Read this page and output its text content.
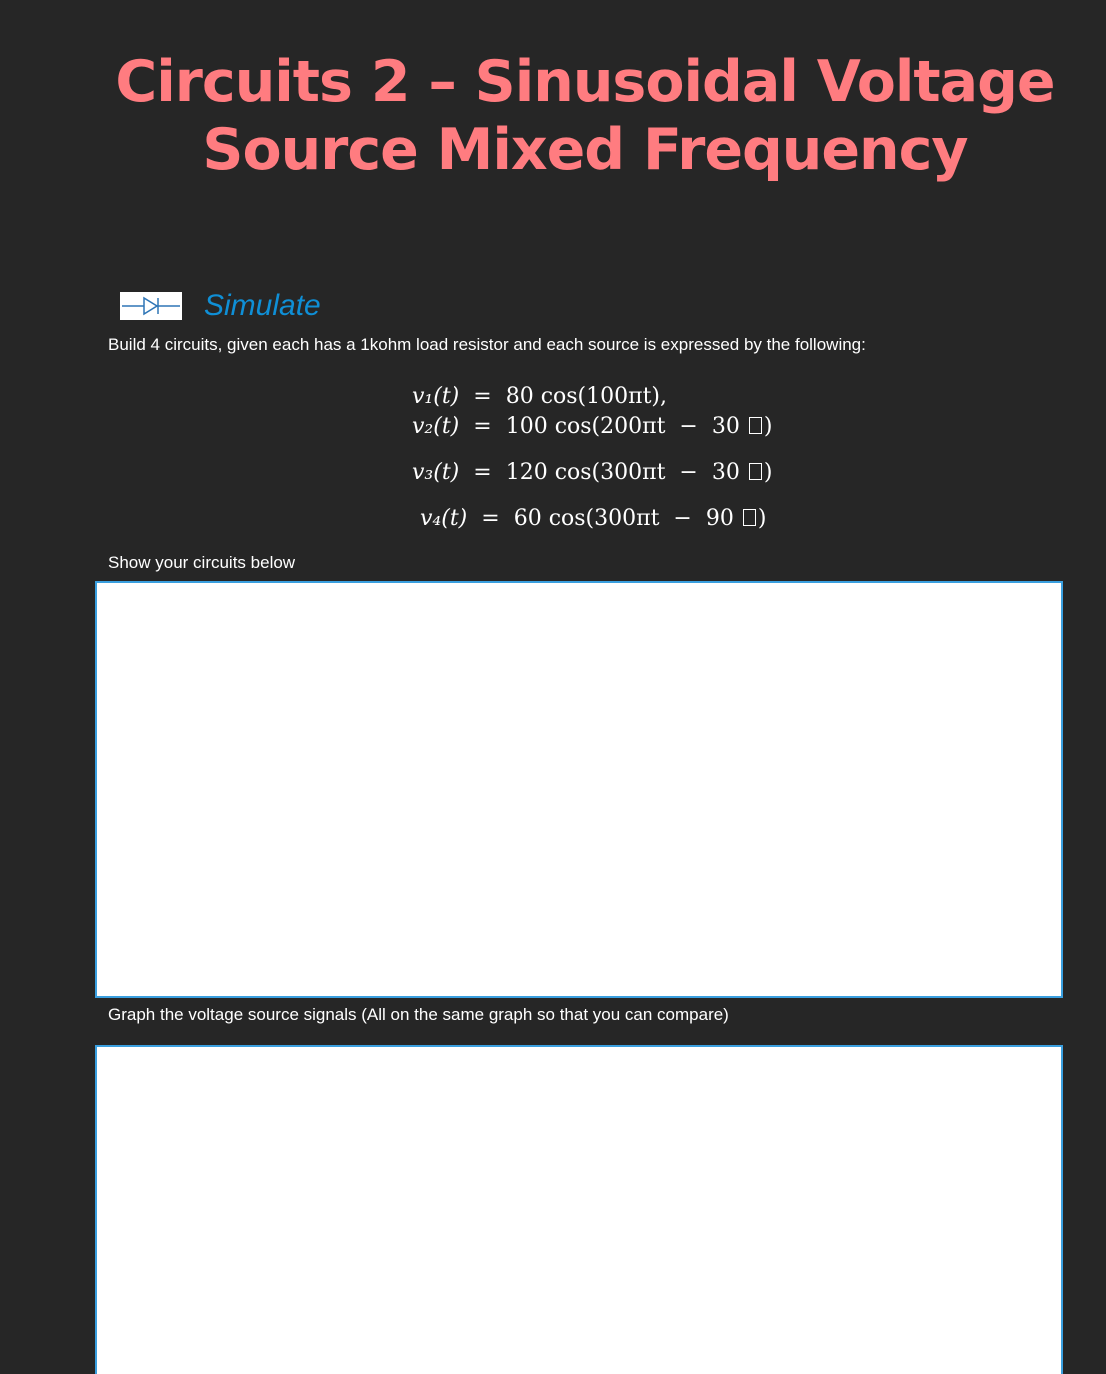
Circuits 2 – Sinusoidal Voltage
Source Mixed Frequency
Simulate
Build 4 circuits, given each has a 1kohm load resistor and each source is expressed by the following:
v₁(t) = 80 cos(100πt),
v₂(t) = 100 cos(200πt − 30 )
v₃(t) = 120 cos(300πt − 30 )
v₄(t) = 60 cos(300πt − 90 )
Show your circuits below
Graph the voltage source signals (All on the same graph so that you can compare)
